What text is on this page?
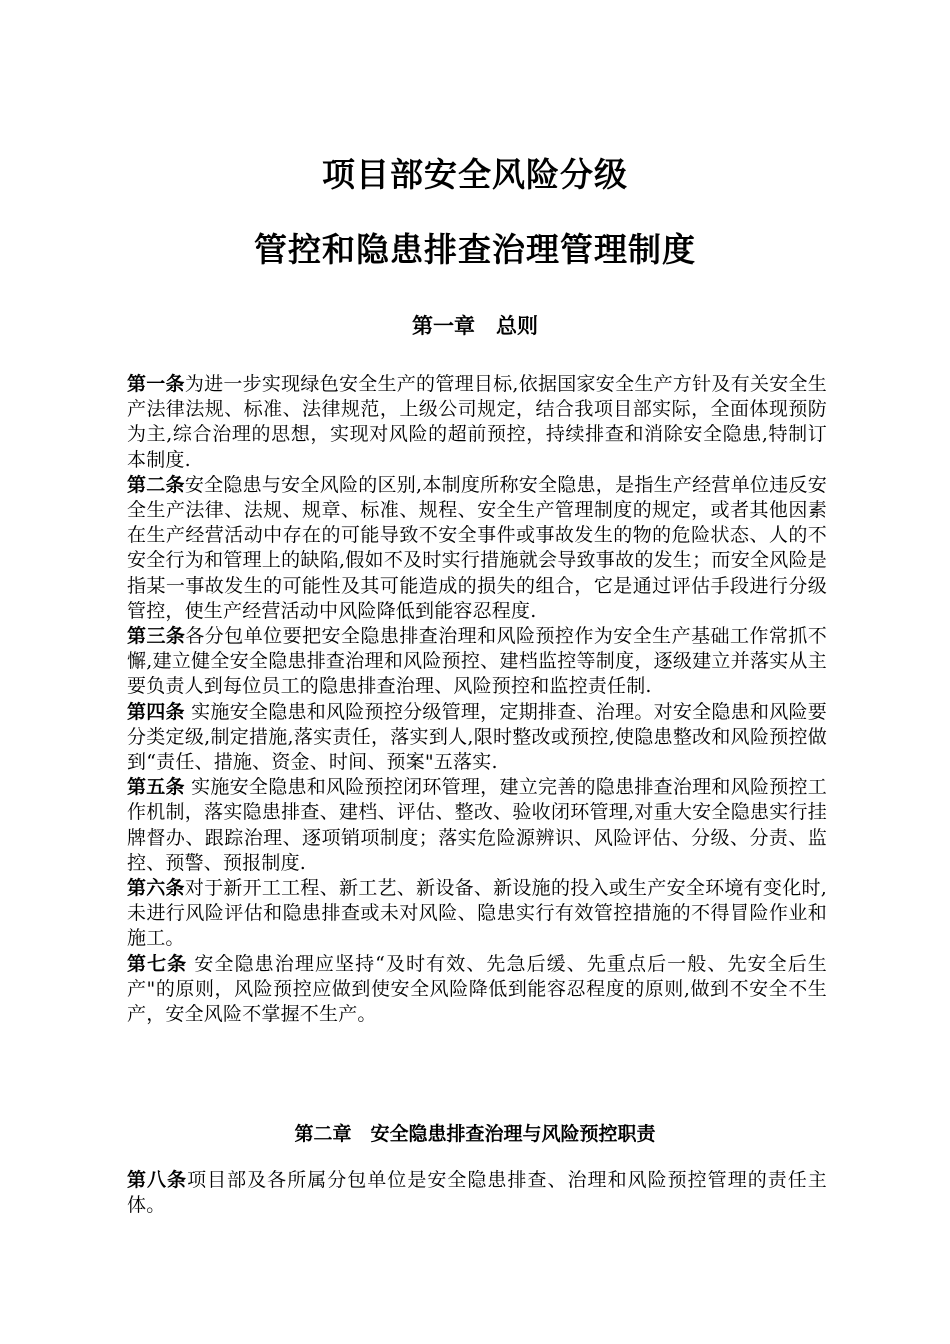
项目部安全风险分级
管控和隐患排查治理管理制度
第一章　总则

第一条为进一步实现绿色安全生产的管理目标,依据国家安全生产方针及有关安全生产法律法规、标准、法律规范，上级公司规定，结合我项目部实际，全面体现预防为主,综合治理的思想，实现对风险的超前预控，持续排查和消除安全隐患,特制订本制度.

第二条安全隐患与安全风险的区别,本制度所称安全隐患，是指生产经营单位违反安全生产法律、法规、规章、标准、规程、安全生产管理制度的规定，或者其他因素在生产经营活动中存在的可能导致不安全事件或事故发生的物的危险状态、人的不安全行为和管理上的缺陷,假如不及时实行措施就会导致事故的发生；而安全风险是指某一事故发生的可能性及其可能造成的损失的组合，它是通过评估手段进行分级管控，使生产经营活动中风险降低到能容忍程度.

第三条各分包单位要把安全隐患排查治理和风险预控作为安全生产基础工作常抓不懈,建立健全安全隐患排查治理和风险预控、建档监控等制度，逐级建立并落实从主要负责人到每位员工的隐患排查治理、风险预控和监控责任制.

第四条 实施安全隐患和风险预控分级管理，定期排查、治理。对安全隐患和风险要分类定级,制定措施,落实责任，落实到人,限时整改或预控,使隐患整改和风险预控做到“责任、措施、资金、时间、预案"五落实.

第五条 实施安全隐患和风险预控闭环管理，建立完善的隐患排查治理和风险预控工作机制，落实隐患排查、建档、评估、整改、验收闭环管理,对重大安全隐患实行挂牌督办、跟踪治理、逐项销项制度；落实危险源辨识、风险评估、分级、分责、监控、预警、预报制度.

第六条对于新开工工程、新工艺、新设备、新设施的投入或生产安全环境有变化时,未进行风险评估和隐患排查或未对风险、隐患实行有效管控措施的不得冒险作业和施工。

第七条 安全隐患治理应坚持“及时有效、先急后缓、先重点后一般、先安全后生产"的原则，风险预控应做到使安全风险降低到能容忍程度的原则,做到不安全不生产，安全风险不掌握不生产。

第二章　安全隐患排查治理与风险预控职责

第八条项目部及各所属分包单位是安全隐患排查、治理和风险预控管理的责任主体。
